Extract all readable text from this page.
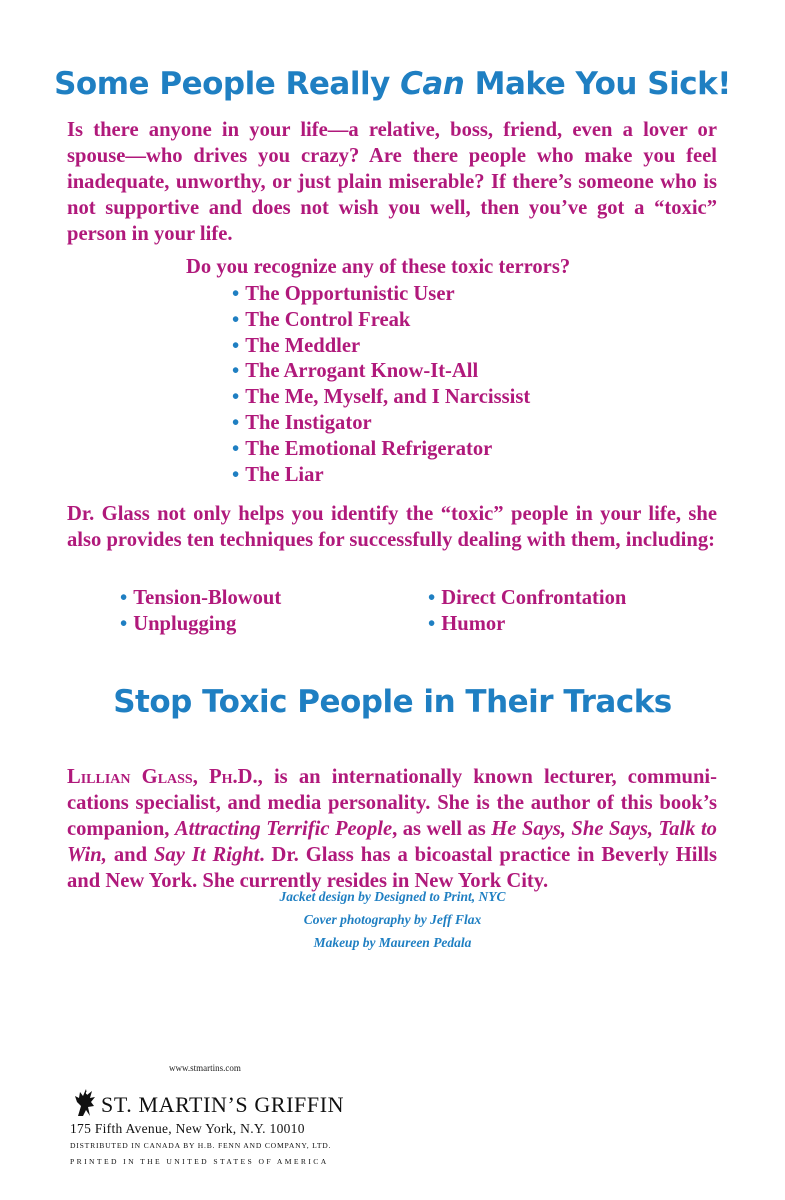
Some People Really Can Make You Sick!
Is there anyone in your life—a relative, boss, friend, even a lover or spouse—who drives you crazy? Are there people who make you feel inadequate, unworthy, or just plain miserable? If there’s someone who is not supportive and does not wish you well, then you’ve got a “toxic” person in your life.
Do you recognize any of these toxic terrors?
• The Opportunistic User
• The Control Freak
• The Meddler
• The Arrogant Know-It-All
• The Me, Myself, and I Narcissist
• The Instigator
• The Emotional Refrigerator
• The Liar
Dr. Glass not only helps you identify the “toxic” people in your life, she also provides ten techniques for successfully dealing with them, including:
• Tension-Blowout
• Unplugging
• Direct Confrontation
• Humor
Stop Toxic People in Their Tracks
Lillian Glass, Ph.D., is an internationally known lecturer, communications specialist, and media personality. She is the author of this book’s companion, Attracting Terrific People, as well as He Says, She Says, Talk to Win, and Say It Right. Dr. Glass has a bicoastal practice in Beverly Hills and New York. She currently resides in New York City.
Jacket design by Designed to Print, NYC
Cover photography by Jeff Flax
Makeup by Maureen Pedala
www.stmartins.com
ST. MARTIN’S GRIFFIN
175 Fifth Avenue, New York, N.Y. 10010
DISTRIBUTED IN CANADA BY H.B. FENN AND COMPANY, LTD.
PRINTED IN THE UNITED STATES OF AMERICA
